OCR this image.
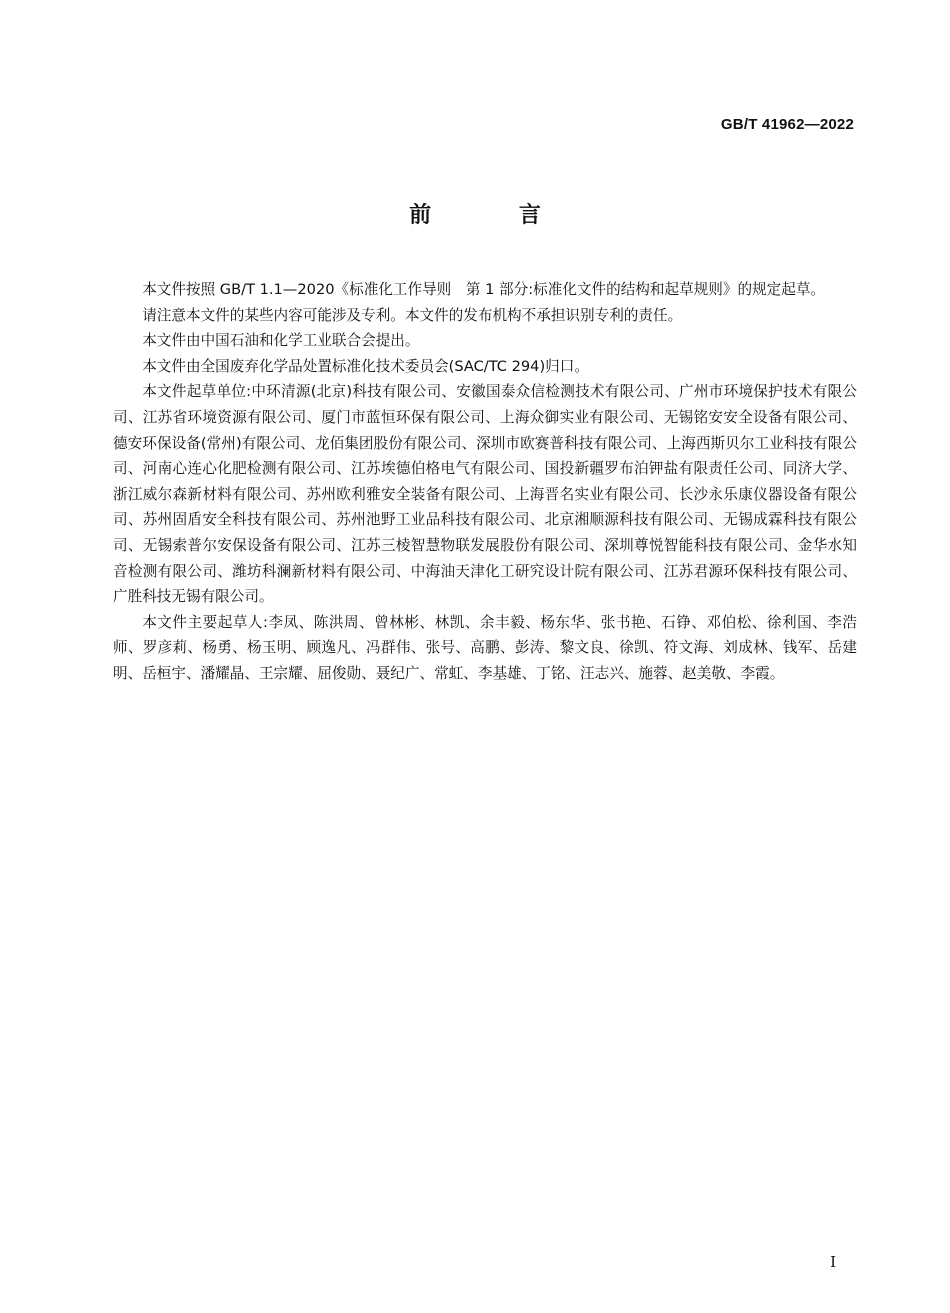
GB/T 41962—2022
前 言

本文件按照 GB/T 1.1—2020《标准化工作导则　第 1 部分:标准化文件的结构和起草规则》的规定起草。

请注意本文件的某些内容可能涉及专利。本文件的发布机构不承担识别专利的责任。

本文件由中国石油和化学工业联合会提出。

本文件由全国废弃化学品处置标准化技术委员会(SAC/TC 294)归口。

本文件起草单位:中环清源(北京)科技有限公司、安徽国泰众信检测技术有限公司、广州市环境保护技术有限公司、江苏省环境资源有限公司、厦门市蓝恒环保有限公司、上海众御实业有限公司、无锡铭安安全设备有限公司、德安环保设备(常州)有限公司、龙佰集团股份有限公司、深圳市欧赛普科技有限公司、上海西斯贝尔工业科技有限公司、河南心连心化肥检测有限公司、江苏埃德伯格电气有限公司、国投新疆罗布泊钾盐有限责任公司、同济大学、浙江威尔森新材料有限公司、苏州欧利雅安全装备有限公司、上海晋名实业有限公司、长沙永乐康仪器设备有限公司、苏州固盾安全科技有限公司、苏州池野工业品科技有限公司、北京湘顺源科技有限公司、无锡成霖科技有限公司、无锡索普尔安保设备有限公司、江苏三棱智慧物联发展股份有限公司、深圳尊悦智能科技有限公司、金华水知音检测有限公司、潍坊科澜新材料有限公司、中海油天津化工研究设计院有限公司、江苏君源环保科技有限公司、广胜科技无锡有限公司。

本文件主要起草人:李凤、陈洪周、曾林彬、林凯、余丰毅、杨东华、张书艳、石铮、邓伯松、徐利国、李浩师、罗彦莉、杨勇、杨玉明、顾逸凡、冯群伟、张号、高鹏、彭涛、黎文良、徐凯、符文海、刘成林、钱军、岳建明、岳桓宇、潘耀晶、王宗耀、屈俊勋、聂纪广、常虹、李基雄、丁铭、汪志兴、施蓉、赵美敬、李霞。

I
